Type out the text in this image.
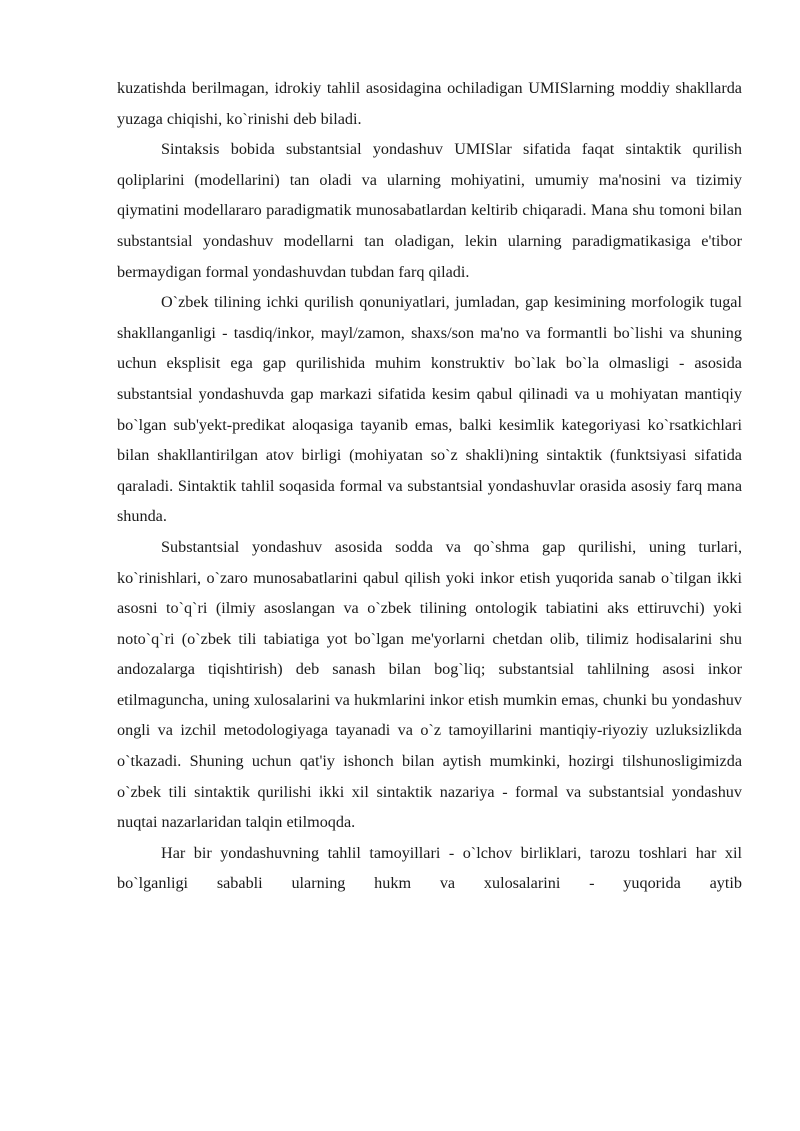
kuzatishda berilmagan, idrokiy tahlil asosidagina ochiladigan UMISlarning moddiy shakllarda yuzaga chiqishi, ko`rinishi deb biladi.

Sintaksis bobida substantsial yondashuv UMISlar sifatida faqat sintaktik qurilish qoliplarini (modellarini) tan oladi va ularning mohiyatini, umumiy ma'nosini va tizimiy qiymatini modellararo paradigmatik munosabatlardan keltirib chiqaradi. Mana shu tomoni bilan substantsial yondashuv modellarni tan oladigan, lekin ularning paradigmatikasiga e'tibor bermaydigan formal yondashuvdan tubdan farq qiladi.

O`zbek tilining ichki qurilish qonuniyatlari, jumladan, gap kesimining morfologik tugal shakllanganligi - tasdiq/inkor, mayl/zamon, shaxs/son ma'no va formantli bo`lishi va shuning uchun eksplisit ega gap qurilishida muhim konstruktiv bo`lak bo`la olmasligi - asosida substantsial yondashuvda gap markazi sifatida kesim qabul qilinadi va u mohiyatan mantiqiy bo`lgan sub'yekt-predikat aloqasiga tayanib emas, balki kesimlik kategoriyasi ko`rsatkichlari bilan shakllantirilgan atov birligi (mohiyatan so`z shakli)ning sintaktik (funktsiyasi sifatida qaraladi. Sintaktik tahlil soqasida formal va substantsial yondashuvlar orasida asosiy farq mana shunda.

Substantsial yondashuv asosida sodda va qo`shma gap qurilishi, uning turlari, ko`rinishlari, o`zaro munosabatlarini qabul qilish yoki inkor etish yuqorida sanab o`tilgan ikki asosni to`q`ri (ilmiy asoslangan va o`zbek tilining ontologik tabiatini aks ettiruvchi) yoki noto`q`ri (o`zbek tili tabiatiga yot bo`lgan me'yorlarni chetdan olib, tilimiz hodisalarini shu andozalarga tiqishtirish) deb sanash bilan bog`liq; substantsial tahlilning asosi inkor etilmaguncha, uning xulosalarini va hukmlarini inkor etish mumkin emas, chunki bu yondashuv ongli va izchil metodologiyaga tayanadi va o`z tamoyillarini mantiqiy-riyoziy uzluksizlikda o`tkazadi. Shuning uchun qat'iy ishonch bilan aytish mumkinki, hozirgi tilshunosligimizda o`zbek tili sintaktik qurilishi ikki xil sintaktik nazariya - formal va substantsial yondashuv nuqtai nazarlaridan talqin etilmoqda.

Har bir yondashuvning tahlil tamoyillari - o`lchov birliklari, tarozu toshlari har xil bo`lganligi sababli ularning hukm va xulosalarini - yuqorida aytib
